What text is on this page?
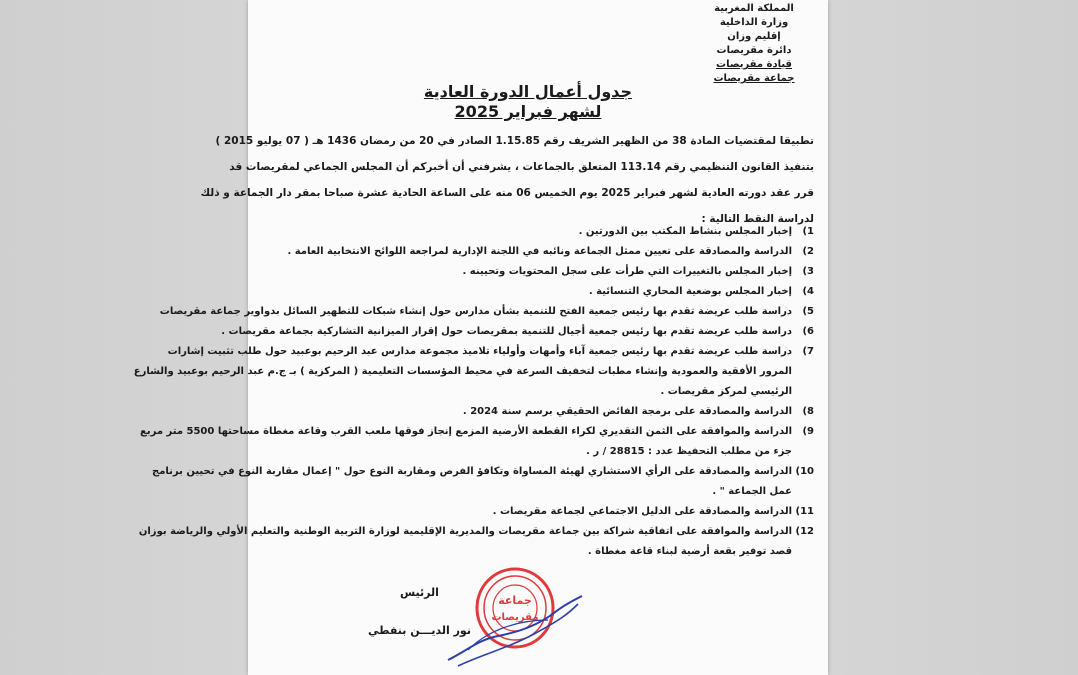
المملكة المغربية
وزارة الداخلية
إقليم وزان
دائرة مقريصات
قيادة مقريصات
جماعة مقريصات
جدول أعمال الدورة العادية
لشهر فبراير 2025
تطبيقا لمقتضيات المادة 38 من الظهير الشريف رقم 1.15.85 الصادر في 20 من رمضان 1436 هـ ( 07 يوليو 2015 )
بتنفيذ القانون التنظيمي رقم 113.14 المتعلق بالجماعات ، يشرفني أن أخبركم أن المجلس الجماعي لمقريصات قد
قرر عقد دورته العادية لشهر فبراير 2025 يوم الخميس 06 منه على الساعة الحادية عشرة صباحا بمقر دار الجماعة و ذلك
لدراسة النقط التالية :
1)
إخبار المجلس بنشاط المكتب بين الدورتين .
2)
الدراسة والمصادقة على تعيين ممثل الجماعة ونائبه في اللجنة الإدارية لمراجعة اللوائح الانتخابية العامة .
3)
إخبار المجلس بالتغييرات التي طرأت على سجل المحتويات وتحيينه .
4)
إخبار المجلس بوضعية المحاري التنسائية .
5)
دراسة طلب عريضة تقدم بها رئيس جمعية الفتح للتنمية بشأن مدارس حول إنشاء شبكات للتطهير السائل بدواوير جماعة مقريصات
6)
دراسة طلب عريضة تقدم بها رئيس جمعية أجيال للتنمية بمقريصات حول إقرار الميزانية التشاركية بجماعة مقريصات .
7)
دراسة طلب عريضة تقدم بها رئيس جمعية آباء وأمهات وأولياء تلاميذ مجموعة مدارس عبد الرحيم بوعبيد حول طلب تثبيت إشارات
المرور الأفقية والعمودية وإنشاء مطبات لتخفيف السرعة في محيط المؤسسات التعليمية ( المركزية ) بـ ج.م عبد الرحيم بوعبيد والشارع
الرئيسي لمركز مقريصات .
8)
الدراسة والمصادقة على برمجة الفائض الحقيقي برسم سنة 2024 .
9)
الدراسة والموافقة على الثمن التقديري لكراء القطعة الأرضية المزمع إنجاز فوقها ملعب القرب وقاعة مغطاة مساحتها 5500 متر مربع
جزء من مطلب التحفيظ عدد : 28815 / ر .
10)
الدراسة والمصادقة على الرأي الاستشاري لهيئة المساواة وتكافؤ الفرص ومقاربة النوع حول " إعمال مقاربة النوع في تحيين برنامج
عمل الجماعة " .
11)
الدراسة والمصادقة على الدليل الاجتماعي لجماعة مقريصات .
12)
الدراسة والموافقة على اتفاقية شراكة بين جماعة مقريصات والمديرية الإقليمية لوزارة التربية الوطنية والتعليم الأولي والرياضة بوزان
قصد توفير بقعة أرضية لبناء قاعة مغطاة .
جماعة
مقريصات
الرئيس
نور الديـــن بنفطي
